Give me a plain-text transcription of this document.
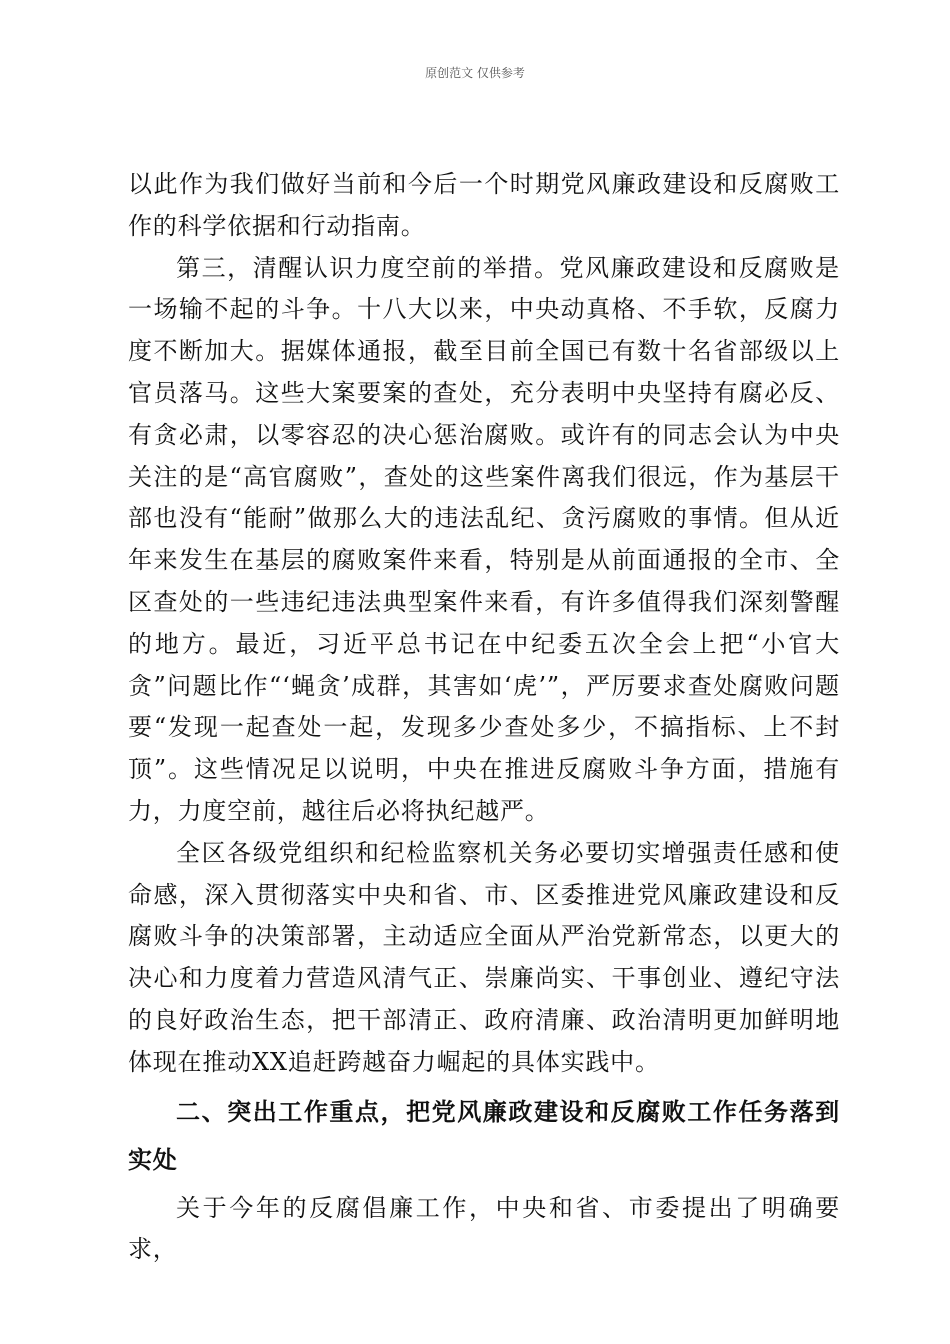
原创范文 仅供参考

以此作为我们做好当前和今后一个时期党风廉政建设和反腐败工作的科学依据和行动指南。

第三，清醒认识力度空前的举措。党风廉政建设和反腐败是一场输不起的斗争。十八大以来，中央动真格、不手软，反腐力度不断加大。据媒体通报，截至目前全国已有数十名省部级以上官员落马。这些大案要案的查处，充分表明中央坚持有腐必反、有贪必肃，以零容忍的决心惩治腐败。或许有的同志会认为中央关注的是“高官腐败”，查处的这些案件离我们很远，作为基层干部也没有“能耐”做那么大的违法乱纪、贪污腐败的事情。但从近年来发生在基层的腐败案件来看，特别是从前面通报的全市、全区查处的一些违纪违法典型案件来看，有许多值得我们深刻警醒的地方。最近，习近平总书记在中纪委五次全会上把“小官大贪”问题比作“‘蝇贪’成群，其害如‘虎’”，严厉要求查处腐败问题要“发现一起查处一起，发现多少查处多少，不搞指标、上不封顶”。这些情况足以说明，中央在推进反腐败斗争方面，措施有力，力度空前，越往后必将执纪越严。

全区各级党组织和纪检监察机关务必要切实增强责任感和使命感，深入贯彻落实中央和省、市、区委推进党风廉政建设和反腐败斗争的决策部署，主动适应全面从严治党新常态，以更大的决心和力度着力营造风清气正、崇廉尚实、干事创业、遵纪守法的良好政治生态，把干部清正、政府清廉、政治清明更加鲜明地体现在推动XX追赶跨越奋力崛起的具体实践中。

二、突出工作重点，把党风廉政建设和反腐败工作任务落到实处

关于今年的反腐倡廉工作，中央和省、市委提出了明确要求，
